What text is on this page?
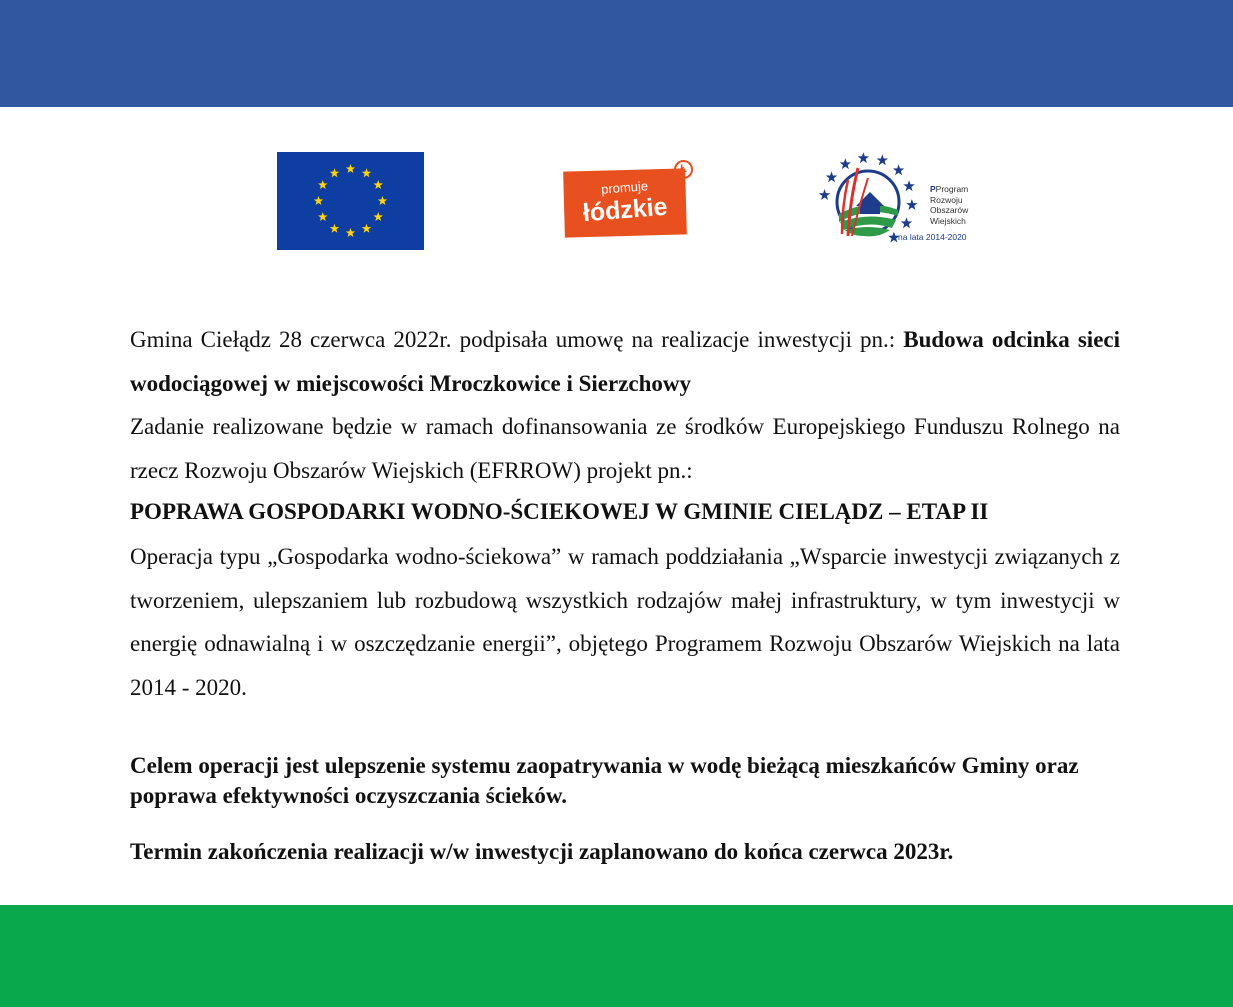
promuje
łódzkie
Ł
PProgram
Rozwoju
Obszarów
Wiejskich
na lata 2014-2020

Gmina Ciełądz 28 czerwca 2022r. podpisała umowę na realizacje inwestycji pn.: Budowa odcinka sieci wodociągowej w miejscowości Mroczkowice i Sierzchowy

Zadanie realizowane będzie w ramach dofinansowania ze środków Europejskiego Funduszu Rolnego na rzecz Rozwoju Obszarów Wiejskich (EFRROW) projekt pn.:

POPRAWA GOSPODARKI WODNO-ŚCIEKOWEJ W GMINIE CIELĄDZ – ETAP II

Operacja typu „Gospodarka wodno-ściekowa” w ramach poddziałania „Wsparcie inwestycji związanych z tworzeniem, ulepszaniem lub rozbudową wszystkich rodzajów małej infrastruktury, w tym inwestycji w energię odnawialną i w oszczędzanie energii”, objętego Programem Rozwoju Obszarów Wiejskich na lata 2014 - 2020.

Celem operacji jest ulepszenie systemu zaopatrywania w wodę bieżącą mieszkańców Gminy oraz poprawa efektywności oczyszczania ścieków.

Termin zakończenia realizacji w/w inwestycji zaplanowano do końca czerwca 2023r.
